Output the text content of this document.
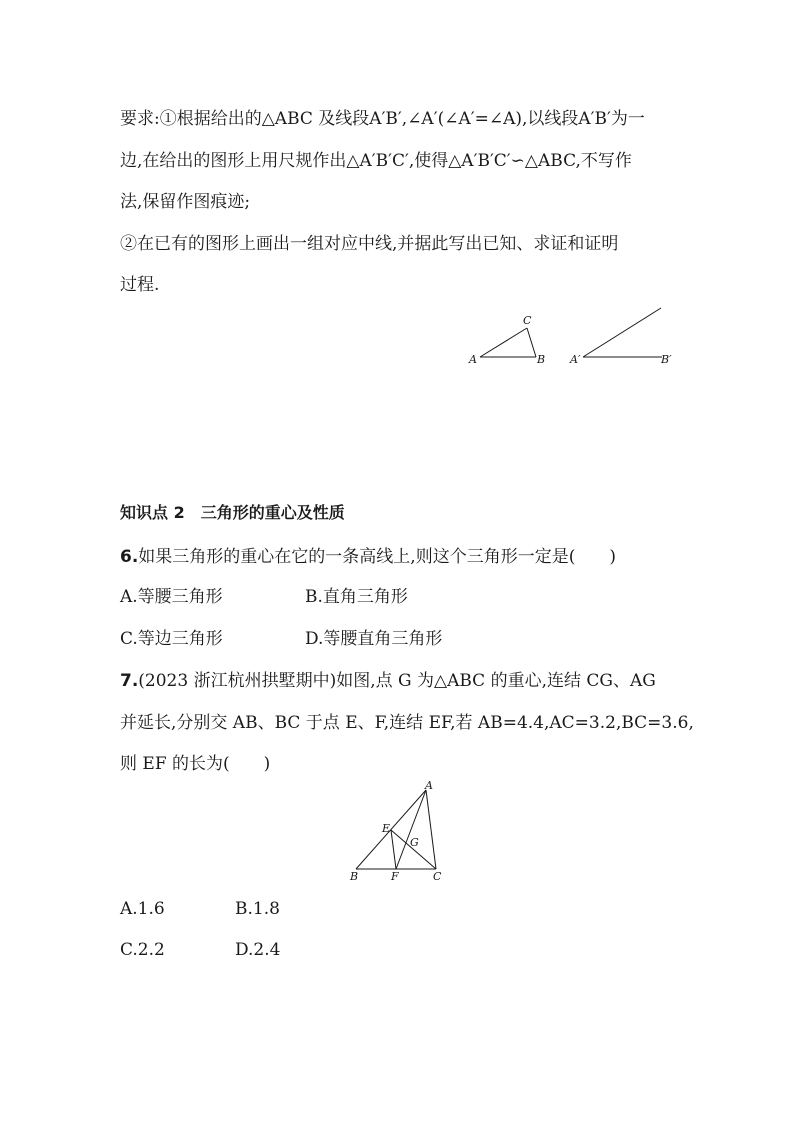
要求:①根据给出的△ABC 及线段A′B′,∠A′(∠A′=∠A),以线段A′B′为一
边,在给出的图形上用尺规作出△A′B′C′,使得△A′B′C′∽△ABC,不写作
法,保留作图痕迹;
②在已有的图形上画出一组对应中线,并据此写出已知、求证和证明
过程.
A	B
C
A′	B′
知识点 2　三角形的重心及性质
6.如果三角形的重心在它的一条高线上,则这个三角形一定是(　　)
A.等腰三角形	B.直角三角形
C.等边三角形	D.等腰直角三角形
7.(2023 浙江杭州拱墅期中)如图,点 G 为△ABC 的重心,连结 CG、AG
并延长,分别交 AB、BC 于点 E、F,连结 EF,若 AB=4.4,AC=3.2,BC=3.6,
则 EF 的长为(　　)
A
B	C
E
F
G
A.1.6	B.1.8
C.2.2	D.2.4
